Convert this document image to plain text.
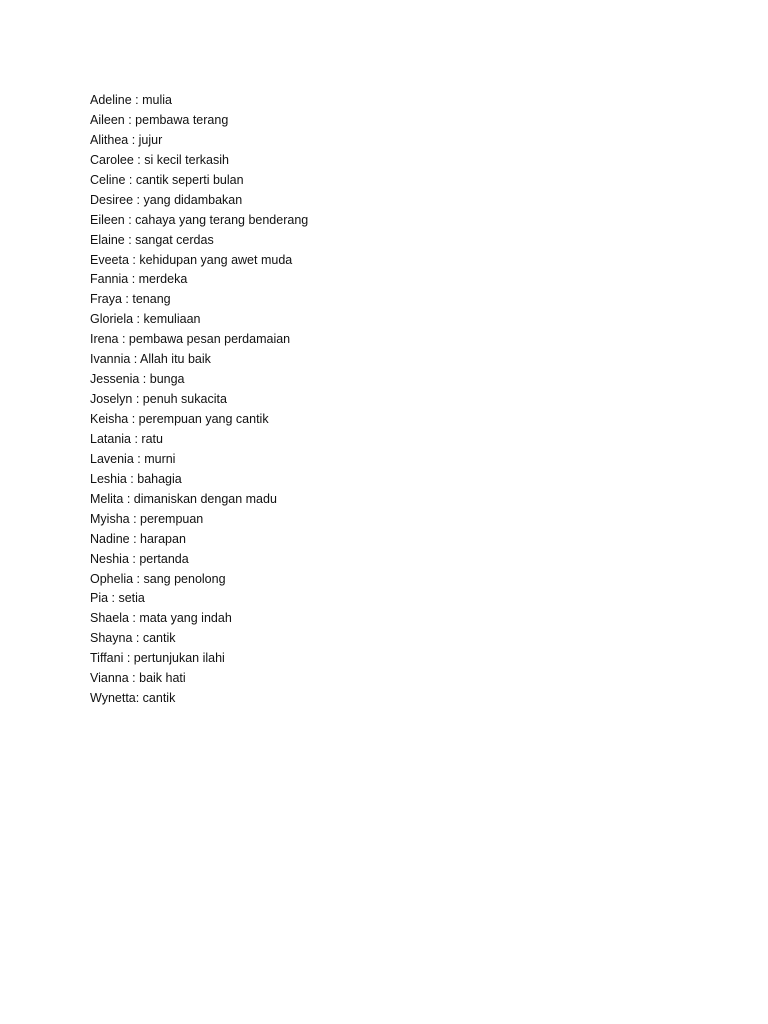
Adeline : mulia
Aileen : pembawa terang
Alithea : jujur
Carolee : si kecil terkasih
Celine : cantik seperti bulan
Desiree : yang didambakan
Eileen : cahaya yang terang benderang
Elaine : sangat cerdas
Eveeta : kehidupan yang awet muda
Fannia : merdeka
Fraya : tenang
Gloriela : kemuliaan
Irena : pembawa pesan perdamaian
Ivannia : Allah itu baik
Jessenia : bunga
Joselyn : penuh sukacita
Keisha : perempuan yang cantik
Latania : ratu
Lavenia : murni
Leshia : bahagia
Melita : dimaniskan dengan madu
Myisha : perempuan
Nadine : harapan
Neshia : pertanda
Ophelia : sang penolong
Pia : setia
Shaela : mata yang indah
Shayna : cantik
Tiffani : pertunjukan ilahi
Vianna : baik hati
Wynetta: cantik
